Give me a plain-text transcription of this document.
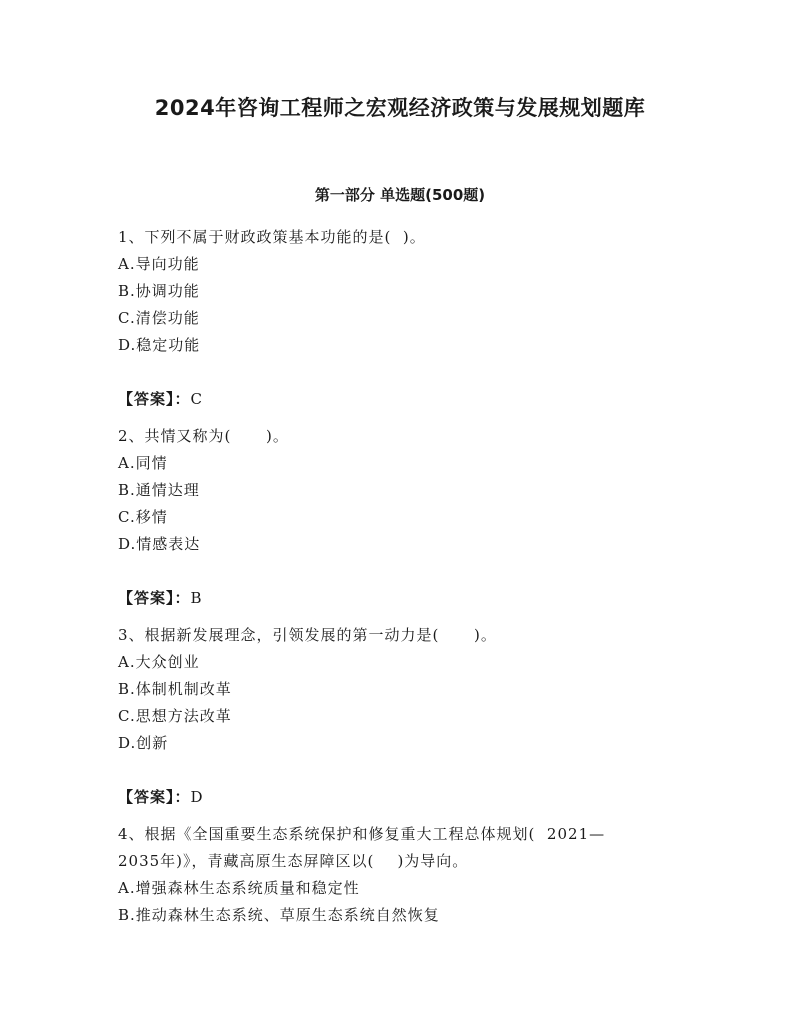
2024年咨询工程师之宏观经济政策与发展规划题库
第一部分 单选题(500题)
1、下列不属于财政政策基本功能的是(  )。
A.导向功能
B.协调功能
C.清偿功能
D.稳定功能
【答案】：C
2、共情又称为(      )。
A.同情
B.通情达理
C.移情
D.情感表达
【答案】：B
3、根据新发展理念，引领发展的第一动力是(      )。
A.大众创业
B.体制机制改革
C.思想方法改革
D.创新
【答案】：D
4、根据《全国重要生态系统保护和修复重大工程总体规划(  2021—
2035年)》，青藏高原生态屏障区以(    )为导向。
A.增强森林生态系统质量和稳定性
B.推动森林生态系统、草原生态系统自然恢复
